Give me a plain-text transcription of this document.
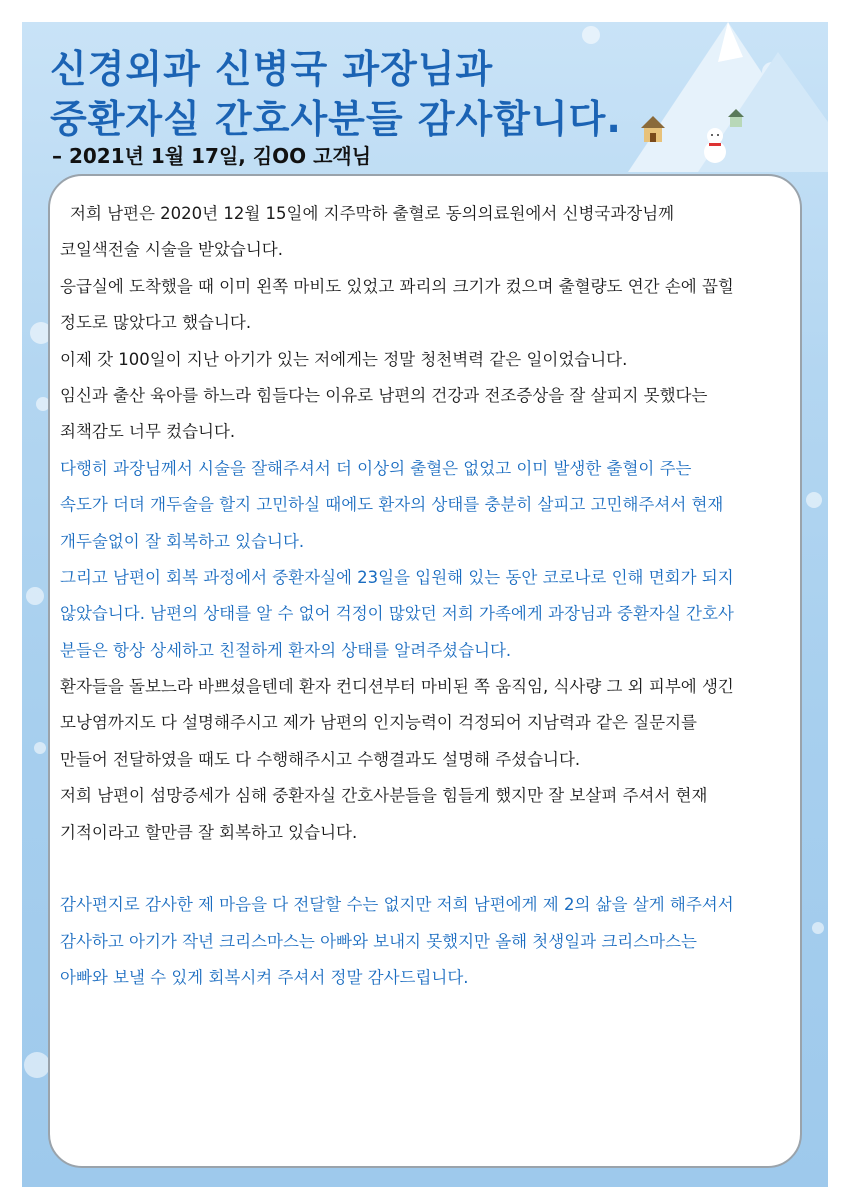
신경외과 신병국 과장님과
중환자실 간호사분들 감사합니다.
– 2021년 1월 17일, 김OO 고객님
저희 남편은 2020년 12월 15일에 지주막하 출혈로 동의의료원에서 신병국과장님께
코일색전술 시술을 받았습니다.
응급실에 도착했을 때 이미 왼쪽 마비도 있었고 꽈리의 크기가 컸으며 출혈량도 연간 손에 꼽힐
정도로 많았다고 했습니다.
이제 갓 100일이 지난 아기가 있는 저에게는 정말 청천벽력 같은 일이었습니다.
임신과 출산 육아를 하느라 힘들다는 이유로 남편의 건강과 전조증상을 잘 살피지 못했다는
죄책감도 너무 컸습니다.
다행히 과장님께서 시술을 잘해주셔서 더 이상의 출혈은 없었고 이미 발생한 출혈이 주는
속도가 더뎌 개두술을 할지 고민하실 때에도 환자의 상태를 충분히 살피고 고민해주셔서 현재
개두술없이 잘 회복하고 있습니다.
그리고 남편이 회복 과정에서 중환자실에 23일을 입원해 있는 동안 코로나로 인해 면회가 되지
않았습니다. 남편의 상태를 알 수 없어 걱정이 많았던 저희 가족에게 과장님과 중환자실 간호사
분들은 항상 상세하고 친절하게 환자의 상태를 알려주셨습니다.
환자들을 돌보느라 바쁘셨을텐데 환자 컨디션부터 마비된 쪽 움직임, 식사량 그 외 피부에 생긴
모낭염까지도 다 설명해주시고 제가 남편의 인지능력이 걱정되어 지남력과 같은 질문지를
만들어 전달하였을 때도 다 수행해주시고 수행결과도 설명해 주셨습니다.
저희 남편이 섬망증세가 심해 중환자실 간호사분들을 힘들게 했지만 잘 보살펴 주셔서 현재
기적이라고 할만큼 잘 회복하고 있습니다.
감사편지로 감사한 제 마음을 다 전달할 수는 없지만 저희 남편에게 제 2의 삶을 살게 해주셔서
감사하고 아기가 작년 크리스마스는 아빠와 보내지 못했지만 올해 첫생일과 크리스마스는
아빠와 보낼 수 있게 회복시켜 주셔서 정말 감사드립니다.
